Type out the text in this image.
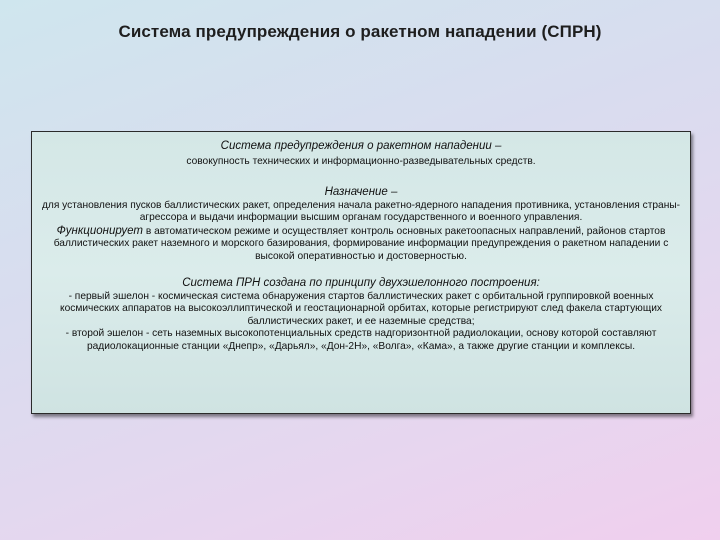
Система предупреждения о ракетном нападении (СПРН)

Система предупреждения о ракетном нападении –

совокупность технических и информационно-разведывательных средств.

Назначение –

для установления пусков баллистических ракет, определения начала ракетно-ядерного нападения противника, установления страны-агрессора и выдачи информации высшим органам государственного и военного управления.

Функционирует в автоматическом режиме и осуществляет контроль основных ракетоопасных направлений, районов стартов баллистических ракет наземного и морского базирования, формирование информации предупреждения о ракетном нападении с высокой оперативностью и достоверностью.

Система ПРН создана по принципу двухэшелонного построения:

- первый эшелон - космическая система обнаружения стартов баллистических ракет с орбитальной группировкой военных космических аппаратов на высокоэллиптической и геостационарной орбитах, которые регистрируют след факела стартующих баллистических ракет, и ее наземные средства;

- второй эшелон - сеть наземных высокопотенциальных средств надгоризонтной радиолокации, основу которой составляют радиолокационные станции «Днепр», «Дарьял», «Дон-2Н», «Волга», «Кама», а также другие станции и комплексы.
